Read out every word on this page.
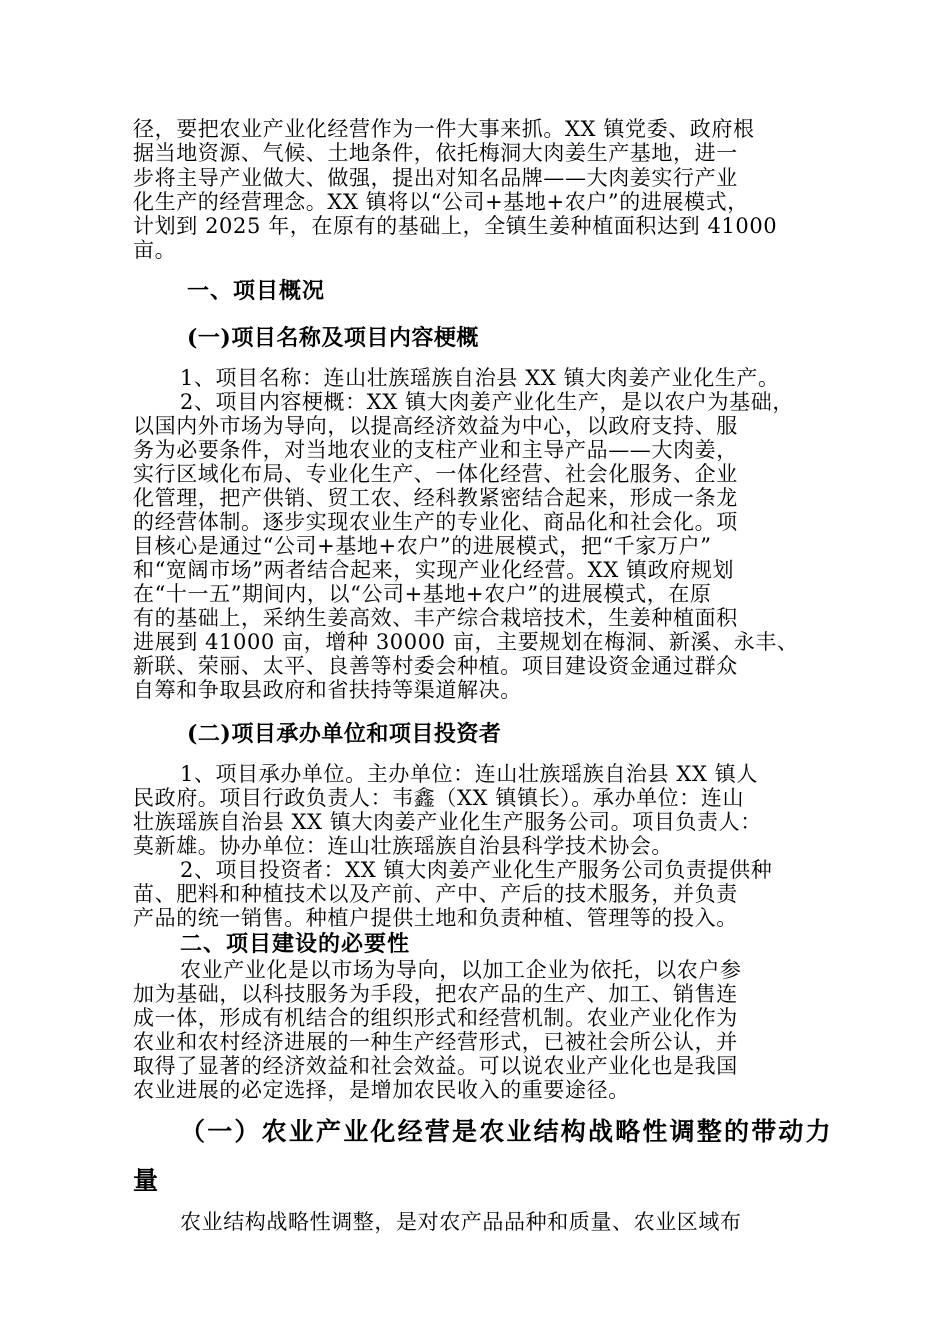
径，要把农业产业化经营作为一件大事来抓。XX 镇党委、政府根

据当地资源、气候、土地条件，依托梅洞大肉姜生产基地，进一

步将主导产业做大、做强，提出对知名品牌——大肉姜实行产业

化生产的经营理念。XX 镇将以“公司+基地+农户”的进展模式，

计划到 2025 年，在原有的基础上，全镇生姜种植面积达到 41000

亩。

一、项目概况

(一)项目名称及项目内容梗概

1、项目名称：连山壮族瑶族自治县 XX 镇大肉姜产业化生产。

2、项目内容梗概：XX 镇大肉姜产业化生产，是以农户为基础，

以国内外市场为导向，以提高经济效益为中心，以政府支持、服

务为必要条件，对当地农业的支柱产业和主导产品——大肉姜，

实行区域化布局、专业化生产、一体化经营、社会化服务、企业

化管理，把产供销、贸工农、经科教紧密结合起来，形成一条龙

的经营体制。逐步实现农业生产的专业化、商品化和社会化。项

目核心是通过“公司+基地+农户”的进展模式，把“千家万户”

和“宽阔市场”两者结合起来，实现产业化经营。XX 镇政府规划

在“十一五”期间内，以“公司+基地+农户”的进展模式，在原

有的基础上，采纳生姜高效、丰产综合栽培技术，生姜种植面积

进展到 41000 亩，增种 30000 亩，主要规划在梅洞、新溪、永丰、

新联、荣丽、太平、良善等村委会种植。项目建设资金通过群众

自筹和争取县政府和省扶持等渠道解决。

(二)项目承办单位和项目投资者

1、项目承办单位。主办单位：连山壮族瑶族自治县 XX 镇人

民政府。项目行政负责人：韦鑫（XX 镇镇长）。承办单位：连山

壮族瑶族自治县 XX 镇大肉姜产业化生产服务公司。项目负责人：

莫新雄。协办单位：连山壮族瑶族自治县科学技术协会。

2、项目投资者：XX 镇大肉姜产业化生产服务公司负责提供种

苗、肥料和种植技术以及产前、产中、产后的技术服务，并负责

产品的统一销售。种植户提供土地和负责种植、管理等的投入。

二、项目建设的必要性

农业产业化是以市场为导向，以加工企业为依托，以农户参

加为基础，以科技服务为手段，把农产品的生产、加工、销售连

成一体，形成有机结合的组织形式和经营机制。农业产业化作为

农业和农村经济进展的一种生产经营形式，已被社会所公认，并

取得了显著的经济效益和社会效益。可以说农业产业化也是我国

农业进展的必定选择，是增加农民收入的重要途径。

（一）农业产业化经营是农业结构战略性调整的带动力

量

农业结构战略性调整，是对农产品品种和质量、农业区域布
